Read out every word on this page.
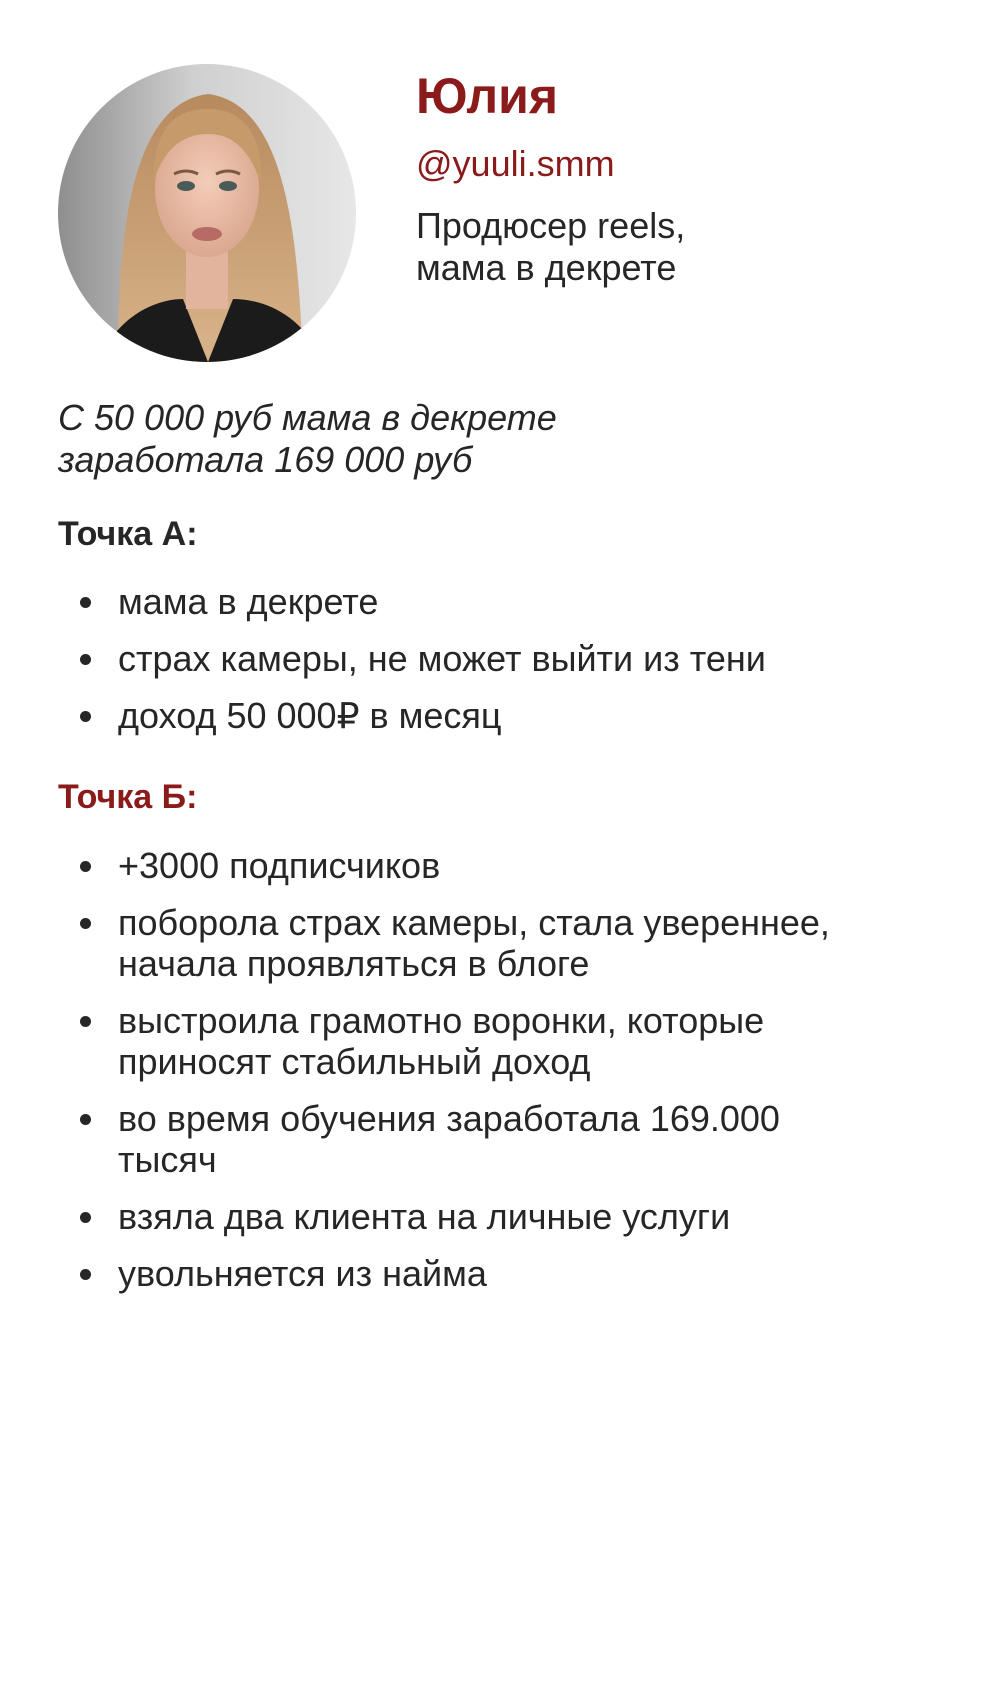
Юлия
@yuuli.smm
Продюсер reels,
мама в декрете
С 50 000 руб мама в декрете
заработала 169 000 руб
Точка А:
мама в декрете
страх камеры, не может выйти из тени
доход 50 000₽ в месяц
Точка Б:
+3000 подписчиков
поборола страх камеры, стала увереннее,
начала проявляться в блоге
выстроила грамотно воронки, которые
приносят стабильный доход
во время обучения заработала 169.000
тысяч
взяла два клиента на личные услуги
увольняется из найма
